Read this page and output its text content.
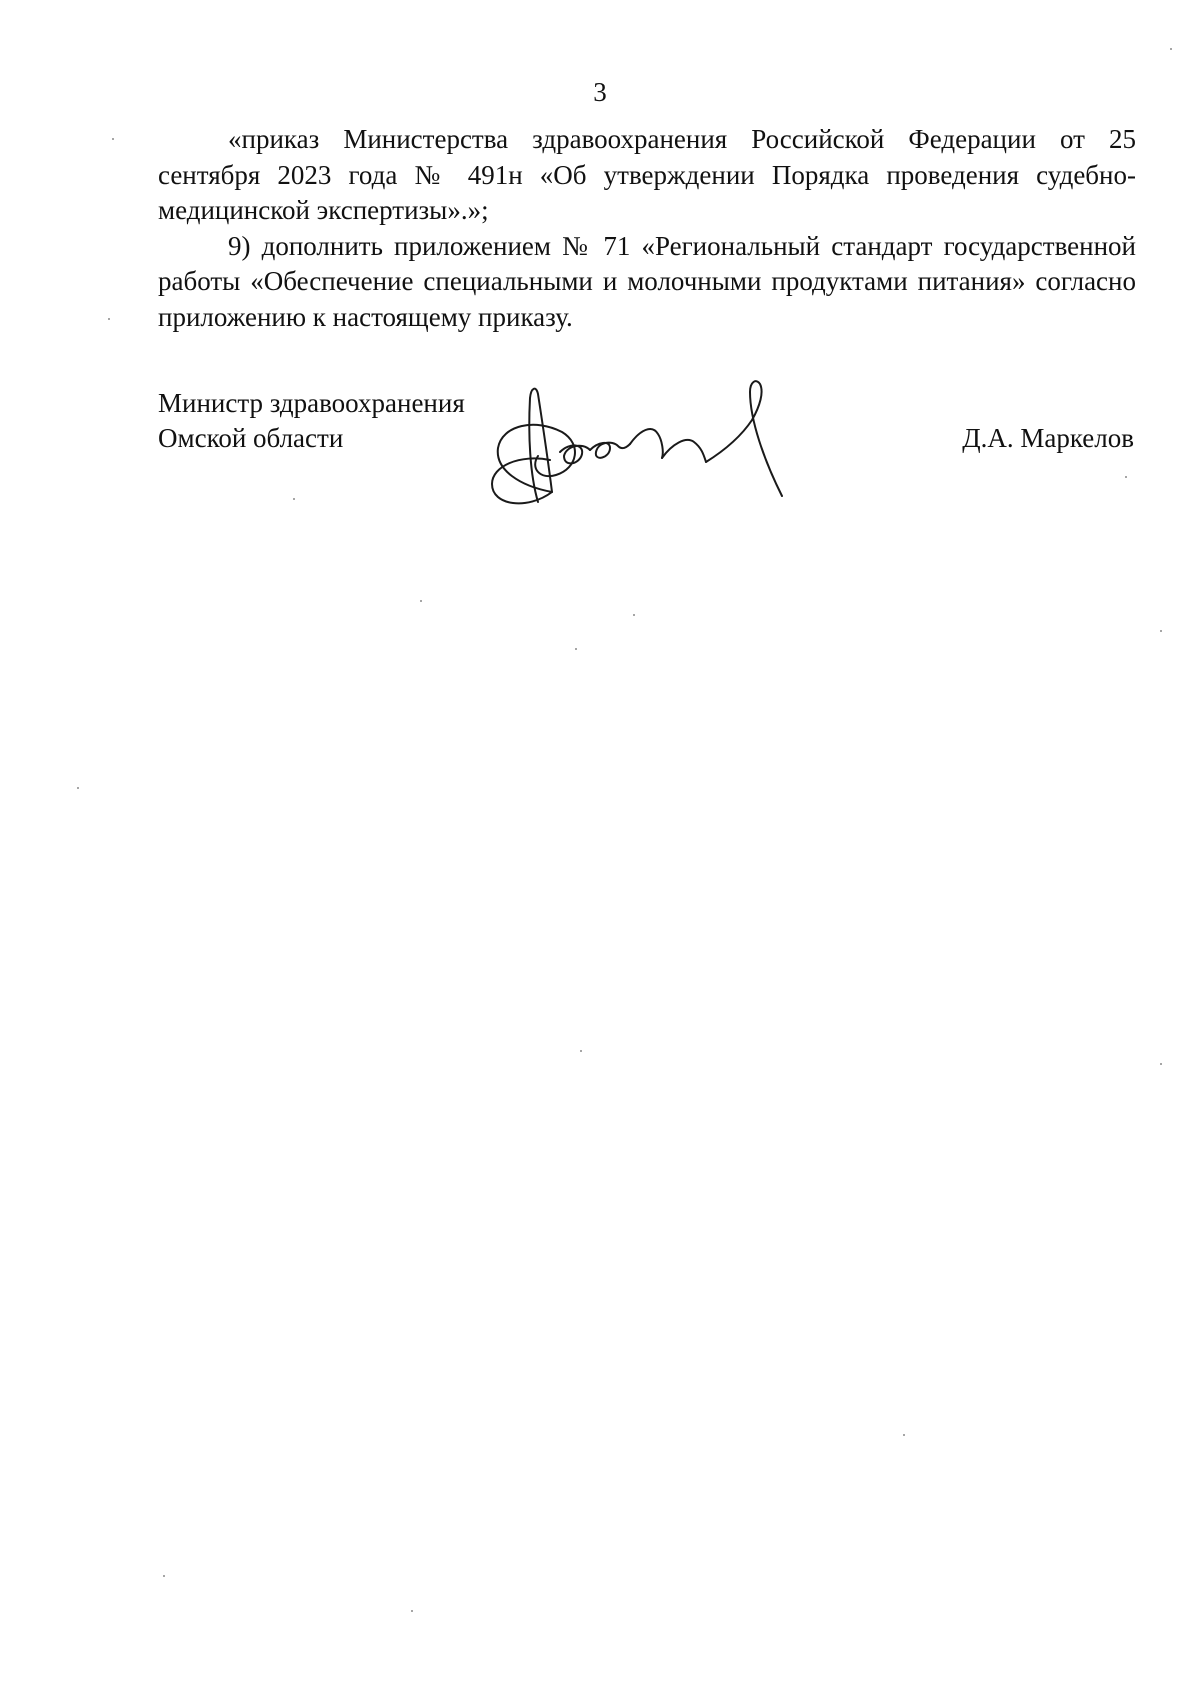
3

«приказ Министерства здравоохранения Российской Федерации от 25 сентября 2023 года № 491н «Об утверждении Порядка проведения судебно-медицинской экспертизы».»;

9) дополнить приложением № 71 «Региональный стандарт государственной работы «Обеспечение специальными и молочными продуктами питания» согласно приложению к настоящему приказу.

Министр здравоохранения
Омской области	Д.А. Маркелов
